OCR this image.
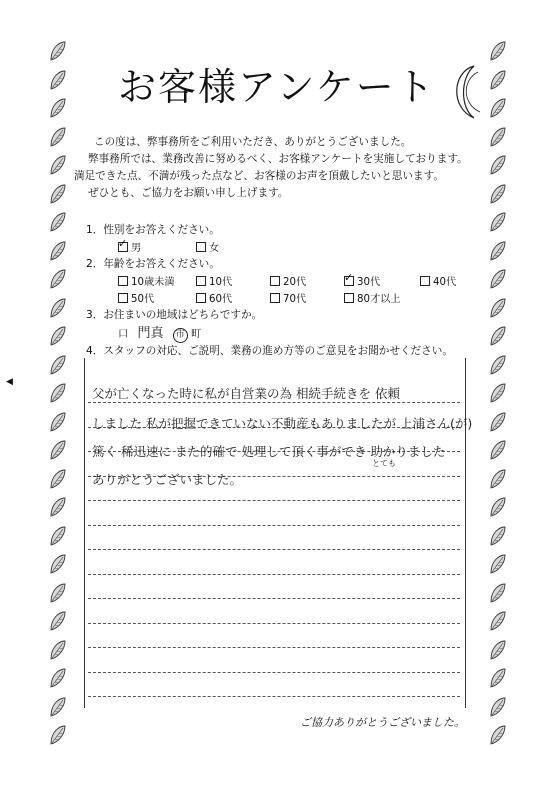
◀
お客様アンケート
この度は、弊事務所をご利用いただき、ありがとうございました。
弊事務所では、業務改善に努めるべく、お客様アンケートを実施しております。
満足できた点、不満が残った点など、お客様のお声を頂戴したいと思います。
ぜひとも、ご協力をお願い申し上げます。
1．性別をお答えください。
✓男	女
2．年齢をお答えください。
10歳未満	10代	20代
✓	30代	40代
50代	60代	70代	80才以上
3．お住まいの地域はどちらですか。
口 門真 市 町
4．スタッフの対応、ご説明、業務の進め方等のご意見をお聞かせください。
父が亡くなった時に私が自営業の為 相続手続きを 依頼
しました 私が把握できていない不動産もありましたが 上浦さん(が)
とても
篤く 稀迅速に また的確で 処理して頂く事ができ 助かりました
ありがとうございました。
ご協力ありがとうございました。
